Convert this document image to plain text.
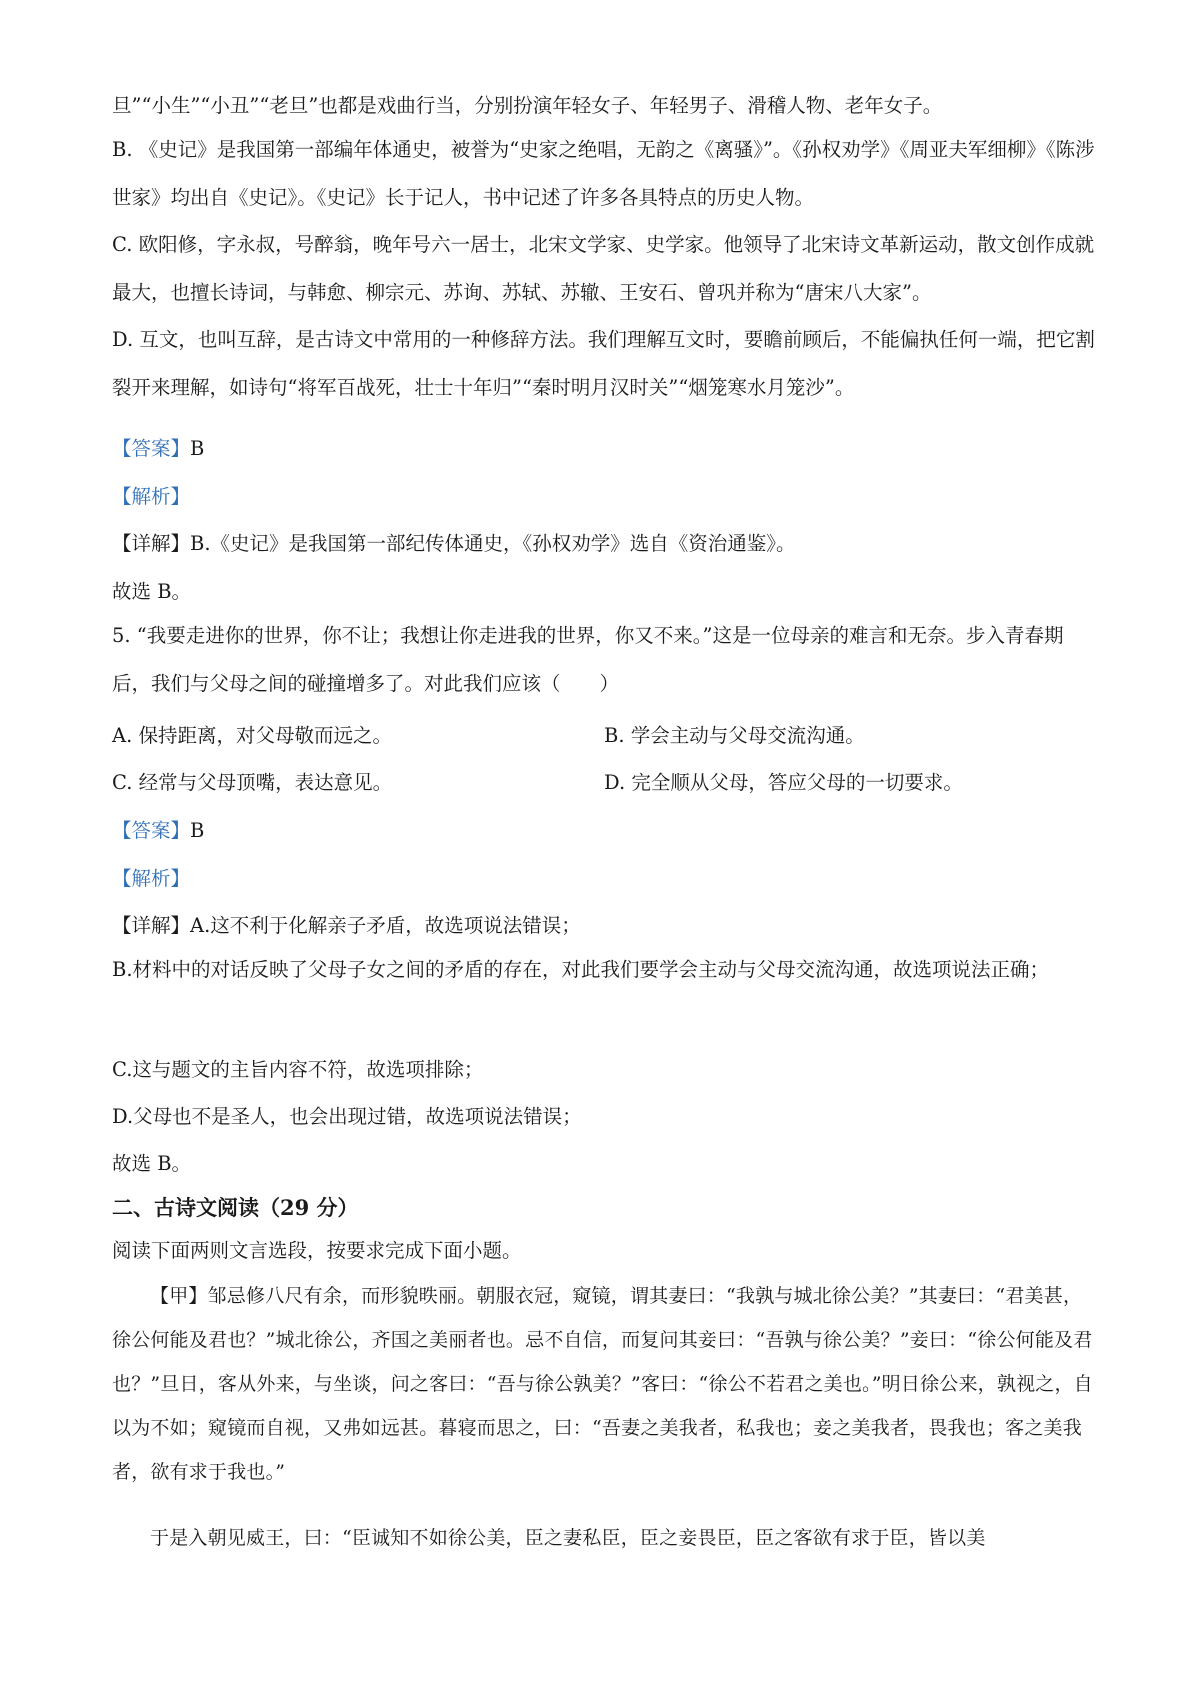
旦”“小生”“小丑”“老旦”也都是戏曲行当，分别扮演年轻女子、年轻男子、滑稽人物、老年女子。
B. 《史记》是我国第一部编年体通史，被誉为“史家之绝唱，无韵之《离骚》”。《孙权劝学》《周亚夫军细柳》《陈涉世家》均出自《史记》。《史记》长于记人，书中记述了许多各具特点的历史人物。
C. 欧阳修，字永叔，号醉翁，晚年号六一居士，北宋文学家、史学家。他领导了北宋诗文革新运动，散文创作成就最大，也擅长诗词，与韩愈、柳宗元、苏询、苏轼、苏辙、王安石、曾巩并称为“唐宋八大家”。
D. 互文，也叫互辞，是古诗文中常用的一种修辞方法。我们理解互文时，要瞻前顾后，不能偏执任何一端，把它割裂开来理解，如诗句“将军百战死，壮士十年归”“秦时明月汉时关”“烟笼寒水月笼沙”。
【答案】B
【解析】
【详解】B.《史记》是我国第一部纪传体通史，《孙权劝学》选自《资治通鉴》。
故选 B。
5. “我要走进你的世界，你不让；我想让你走进我的世界，你又不来。”这是一位母亲的难言和无奈。步入青春期后，我们与父母之间的碰撞增多了。对此我们应该（　　）
A. 保持距离，对父母敬而远之。	B. 学会主动与父母交流沟通。
C. 经常与父母顶嘴，表达意见。	D. 完全顺从父母，答应父母的一切要求。
【答案】B
【解析】
【详解】A.这不利于化解亲子矛盾，故选项说法错误；
B.材料中的对话反映了父母子女之间的矛盾的存在，对此我们要学会主动与父母交流沟通，故选项说法正确；
C.这与题文的主旨内容不符，故选项排除；
D.父母也不是圣人，也会出现过错，故选项说法错误；
故选 B。
二、古诗文阅读（29 分）
阅读下面两则文言选段，按要求完成下面小题。
【甲】邹忌修八尺有余，而形貌昳丽。朝服衣冠，窥镜，谓其妻曰：“我孰与城北徐公美？”其妻曰：“君美甚，徐公何能及君也？”城北徐公，齐国之美丽者也。忌不自信，而复问其妾曰：“吾孰与徐公美？”妾曰：“徐公何能及君也？”旦日，客从外来，与坐谈，问之客曰：“吾与徐公孰美？”客曰：“徐公不若君之美也。”明日徐公来，孰视之，自以为不如；窥镜而自视，又弗如远甚。暮寝而思之，曰：“吾妻之美我者，私我也；妾之美我者，畏我也；客之美我者，欲有求于我也。”
于是入朝见威王，曰：“臣诚知不如徐公美，臣之妻私臣，臣之妾畏臣，臣之客欲有求于臣，皆以美
